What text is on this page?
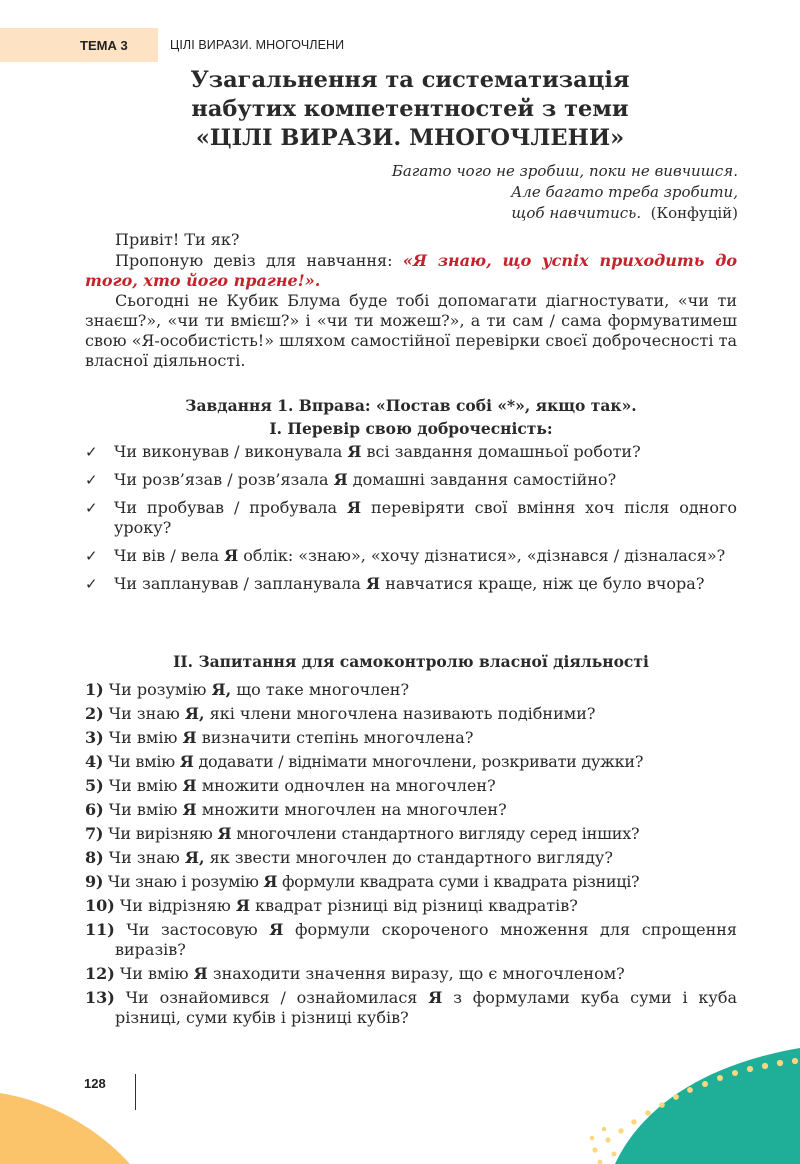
ТЕМА 3	ЦІЛІ ВИРАЗИ. МНОГОЧЛЕНИ
Узагальнення та систематизація
набутих компетентностей з теми
«ЦІЛІ ВИРАЗИ. МНОГОЧЛЕНИ»
Багато чого не зробиш, поки не вивчишся.
Але багато треба зробити,
щоб навчитись. (Конфуцій)

Привіт! Ти як?

Пропоную девіз для навчання: «Я знаю, що успіх приходить до того, хто його прагне!».

Сьогодні не Кубик Блума буде тобі допомагати діагностувати, «чи ти знаєш?», «чи ти вмієш?» і «чи ти можеш?», а ти сам / сама формуватимеш свою «Я-особистість!» шляхом самостійної перевірки своєї доброчесності та власної діяльності.

Завдання 1. Вправа: «Постав собі «*», якщо так».
I. Перевір свою доброчесність:
✓ Чи виконував / виконувала Я всі завдання домашньої роботи?
✓ Чи розв’язав / розв’язала Я домашні завдання самостійно?
✓ Чи пробував / пробувала Я перевіряти свої вміння хоч після одного уроку?
✓ Чи вів / вела Я облік: «знаю», «хочу дізнатися», «дізнався / дізналася»?
✓ Чи запланував / запланувала Я навчатися краще, ніж це було вчора?
II. Запитання для самоконтролю власної діяльності
1) Чи розумію Я, що таке многочлен?
2) Чи знаю Я, які члени многочлена називають подібними?
3) Чи вмію Я визначити степінь многочлена?
4) Чи вмію Я додавати / віднімати многочлени, розкривати дужки?
5) Чи вмію Я множити одночлен на многочлен?
6) Чи вмію Я множити многочлен на многочлен?
7) Чи вирізняю Я многочлени стандартного вигляду серед інших?
8) Чи знаю Я, як звести многочлен до стандартного вигляду?
9) Чи знаю і розумію Я формули квадрата суми і квадрата різниці?
10) Чи відрізняю Я квадрат різниці від різниці квадратів?
11) Чи застосовую Я формули скороченого множення для спрощення виразів?
12) Чи вмію Я знаходити значення виразу, що є многочленом?
13) Чи ознайомився / ознайомилася Я з формулами куба суми і куба різниці, суми кубів і різниці кубів?
128
